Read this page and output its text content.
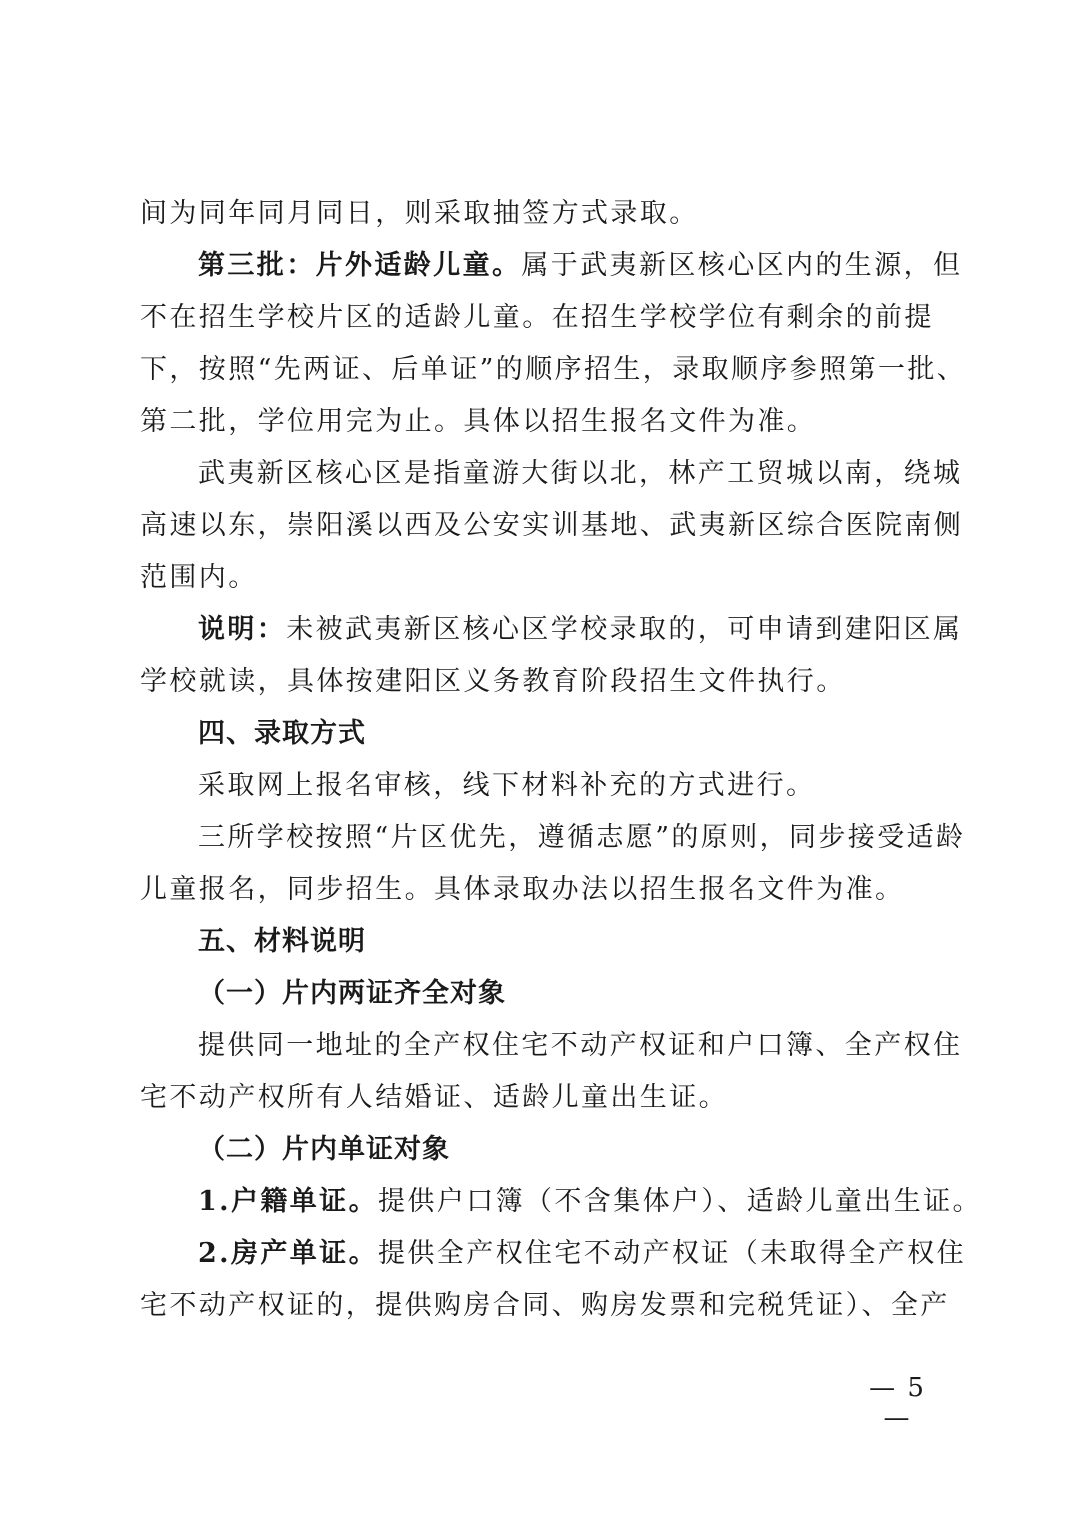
间为同年同月同日，则采取抽签方式录取。

第三批：片外适龄儿童。属于武夷新区核心区内的生源，但

不在招生学校片区的适龄儿童。在招生学校学位有剩余的前提

下，按照“先两证、后单证”的顺序招生，录取顺序参照第一批、

第二批，学位用完为止。具体以招生报名文件为准。

武夷新区核心区是指童游大街以北，林产工贸城以南，绕城

高速以东，崇阳溪以西及公安实训基地、武夷新区综合医院南侧

范围内。

说明：未被武夷新区核心区学校录取的，可申请到建阳区属

学校就读，具体按建阳区义务教育阶段招生文件执行。

四、录取方式

采取网上报名审核，线下材料补充的方式进行。

三所学校按照“片区优先，遵循志愿”的原则，同步接受适龄

儿童报名，同步招生。具体录取办法以招生报名文件为准。

五、材料说明

（一）片内两证齐全对象

提供同一地址的全产权住宅不动产权证和户口簿、全产权住

宅不动产权所有人结婚证、适龄儿童出生证。

（二）片内单证对象

1.户籍单证。提供户口簿（不含集体户）、适龄儿童出生证。

2.房产单证。提供全产权住宅不动产权证（未取得全产权住

宅不动产权证的，提供购房合同、购房发票和完税凭证）、全产

— 5 —
